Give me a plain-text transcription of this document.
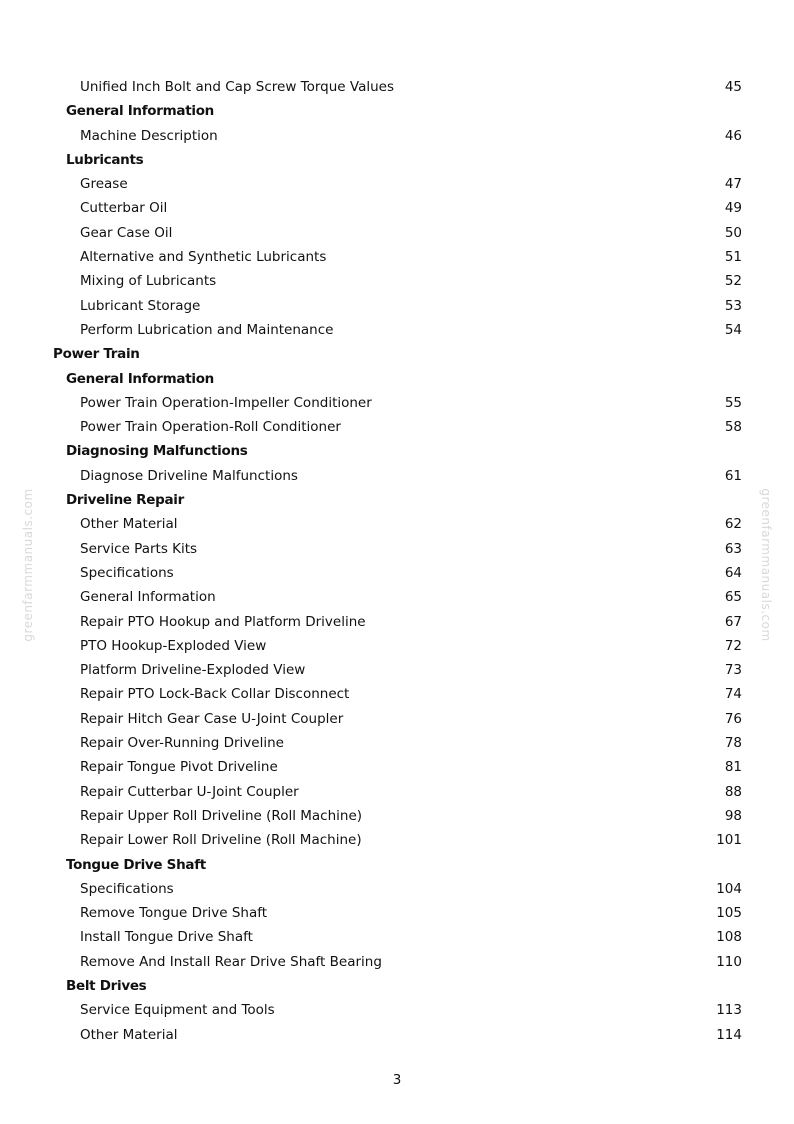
Unified Inch Bolt and Cap Screw Torque Values	45
General Information
Machine Description	46
Lubricants
Grease	47
Cutterbar Oil	49
Gear Case Oil	50
Alternative and Synthetic Lubricants	51
Mixing of Lubricants	52
Lubricant Storage	53
Perform Lubrication and Maintenance	54
Power Train
General Information
Power Train Operation-Impeller Conditioner	55
Power Train Operation-Roll Conditioner	58
Diagnosing Malfunctions
Diagnose Driveline Malfunctions	61
Driveline Repair
Other Material	62
Service Parts Kits	63
Specifications	64
General Information	65
Repair PTO Hookup and Platform Driveline	67
PTO Hookup-Exploded View	72
Platform Driveline-Exploded View	73
Repair PTO Lock-Back Collar Disconnect	74
Repair Hitch Gear Case U-Joint Coupler	76
Repair Over-Running Driveline	78
Repair Tongue Pivot Driveline	81
Repair Cutterbar U-Joint Coupler	88
Repair Upper Roll Driveline (Roll Machine)	98
Repair Lower Roll Driveline (Roll Machine)	101
Tongue Drive Shaft
Specifications	104
Remove Tongue Drive Shaft	105
Install Tongue Drive Shaft	108
Remove And Install Rear Drive Shaft Bearing	110
Belt Drives
Service Equipment and Tools	113
Other Material	114
3
greenfarmmanuals.com	greenfarmmanuals.com
